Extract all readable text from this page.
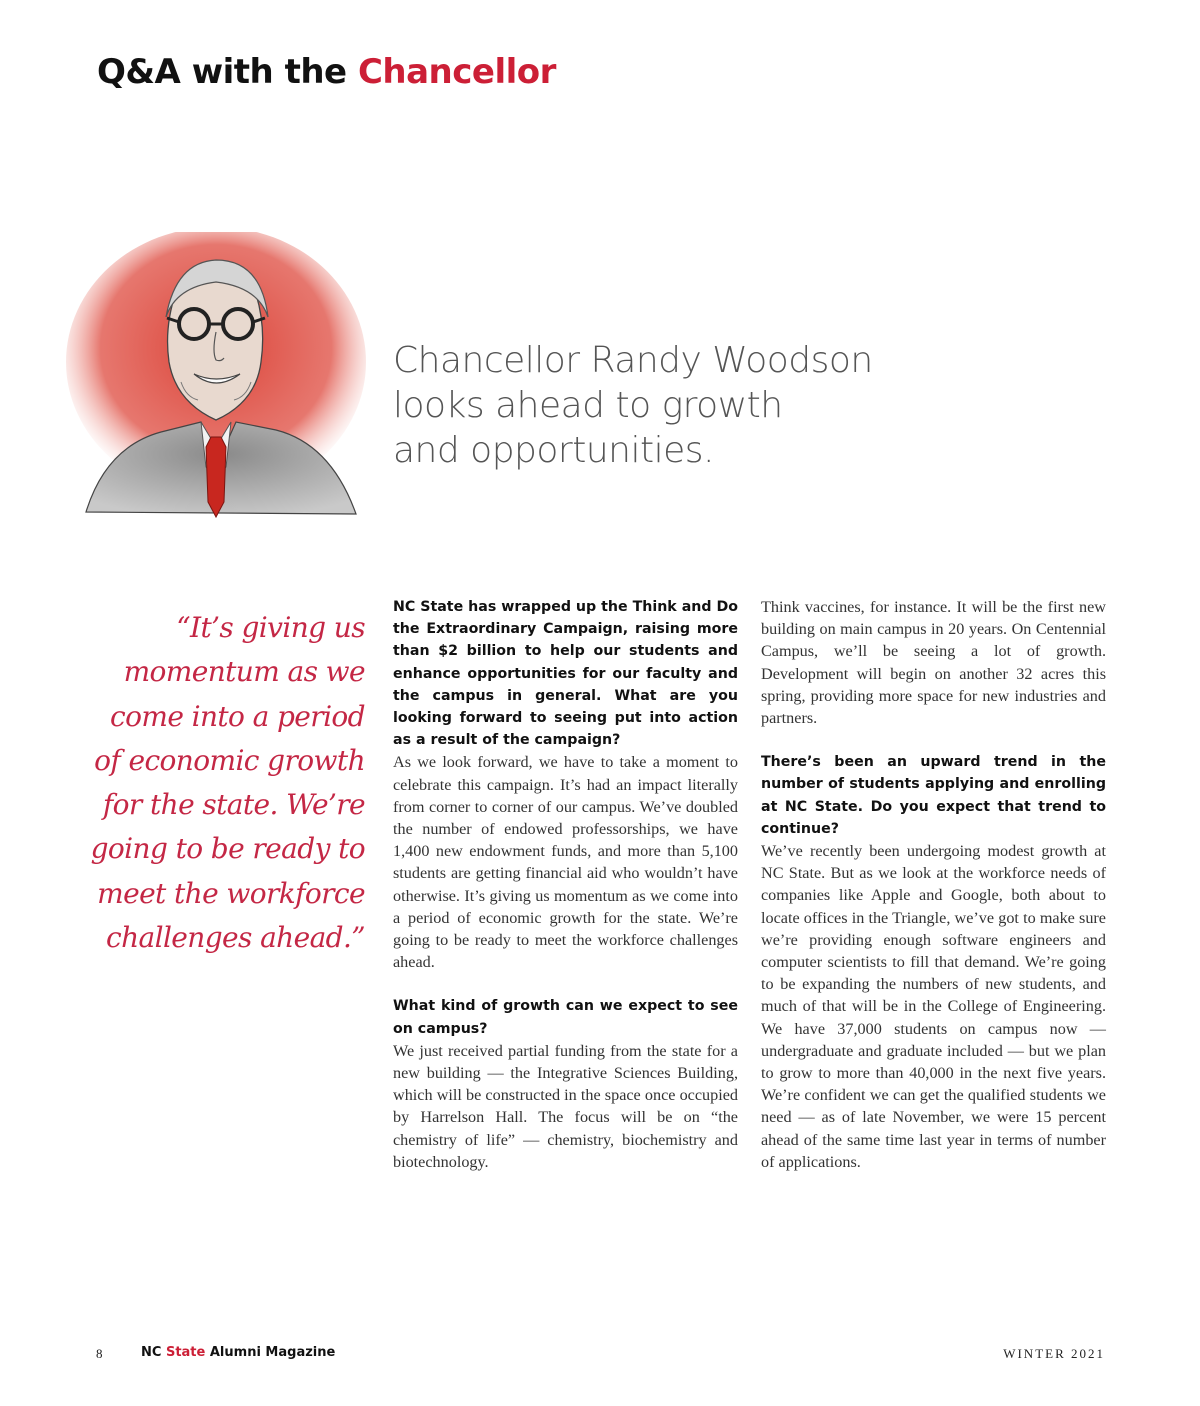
Q&A with the Chancellor
Chancellor Randy Woodson
looks ahead to growth
and opportunities.
“It’s giving us
momentum as we
come into a period
of economic growth
for the state. We’re
going to be ready to
meet the workforce
challenges ahead.”
NC State has wrapped up the Think and Do the Extraordinary Campaign, raising more than $2 billion to help our students and enhance opportunities for our faculty and the campus in general. What are you looking forward to seeing put into action as a result of the campaign?

As we look forward, we have to take a moment to celebrate this campaign. It’s had an impact literally from corner to corner of our campus. We’ve doubled the number of endowed professorships, we have 1,400 new endowment funds, and more than 5,100 students are getting financial aid who wouldn’t have otherwise. It’s giving us momentum as we come into a period of economic growth for the state. We’re going to be ready to meet the workforce challenges ahead.

What kind of growth can we expect to see on campus?

We just received partial funding from the state for a new building — the Integrative Sciences Building, which will be constructed in the space once occupied by Harrelson Hall. The focus will be on “the chemistry of life” — chemistry, biochemistry and biotechnology.

Think vaccines, for instance. It will be the first new building on main campus in 20 years. On Centennial Campus, we’ll be seeing a lot of growth. Development will begin on another 32 acres this spring, providing more space for new industries and partners.

There’s been an upward trend in the number of students applying and enrolling at NC State. Do you expect that trend to continue?

We’ve recently been undergoing modest growth at NC State. But as we look at the workforce needs of companies like Apple and Google, both about to locate offices in the Triangle, we’ve got to make sure we’re providing enough software engineers and computer scientists to fill that demand. We’re going to be expanding the numbers of new students, and much of that will be in the College of Engineering. We have 37,000 students on campus now — undergraduate and graduate included — but we plan to grow to more than 40,000 in the next five years. We’re confident we can get the qualified students we need — as of late November, we were 15 percent ahead of the same time last year in terms of number of applications.

8	NC State Alumni Magazine	WINTER 2021
